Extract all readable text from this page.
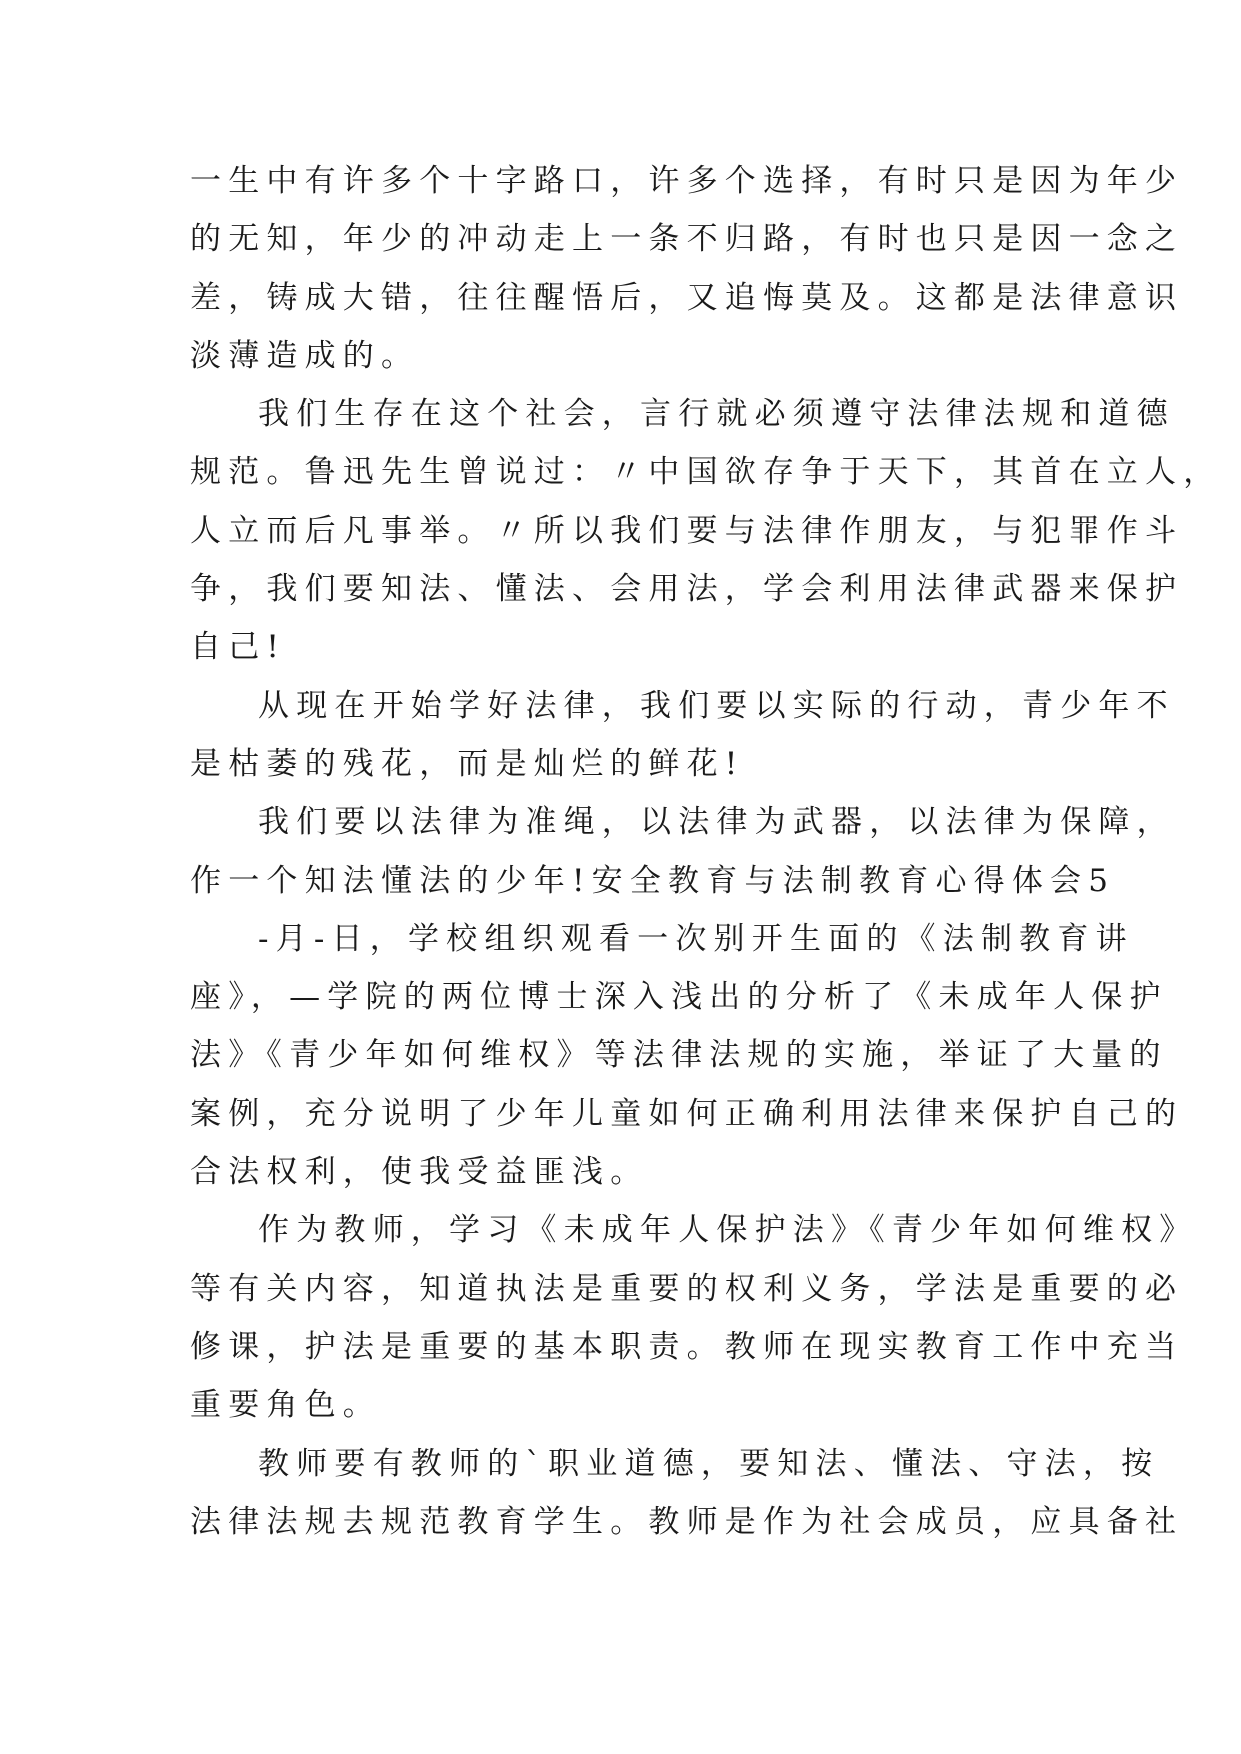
一生中有许多个十字路口，许多个选择，有时只是因为年少
的无知，年少的冲动走上一条不归路，有时也只是因一念之
差，铸成大错，往往醒悟后，又追悔莫及。这都是法律意识
淡薄造成的。
我们生存在这个社会，言行就必须遵守法律法规和道德
规范。鲁迅先生曾说过：〃中国欲存争于天下，其首在立人，
人立而后凡事举。〃所以我们要与法律作朋友，与犯罪作斗
争，我们要知法、懂法、会用法，学会利用法律武器来保护
自己!
从现在开始学好法律，我们要以实际的行动，青少年不
是枯萎的残花，而是灿烂的鲜花!
我们要以法律为准绳，以法律为武器，以法律为保障，
作一个知法懂法的少年!安全教育与法制教育心得体会5
-月-日，学校组织观看一次别开生面的《法制教育讲
座》，—学院的两位博士深入浅出的分析了《未成年人保护
法》《青少年如何维权》等法律法规的实施，举证了大量的
案例，充分说明了少年儿童如何正确利用法律来保护自己的
合法权利，使我受益匪浅。
作为教师，学习《未成年人保护法》《青少年如何维权》
等有关内容，知道执法是重要的权利义务，学法是重要的必
修课，护法是重要的基本职责。教师在现实教育工作中充当
重要角色。
教师要有教师的`职业道德，要知法、懂法、守法，按
法律法规去规范教育学生。教师是作为社会成员，应具备社
